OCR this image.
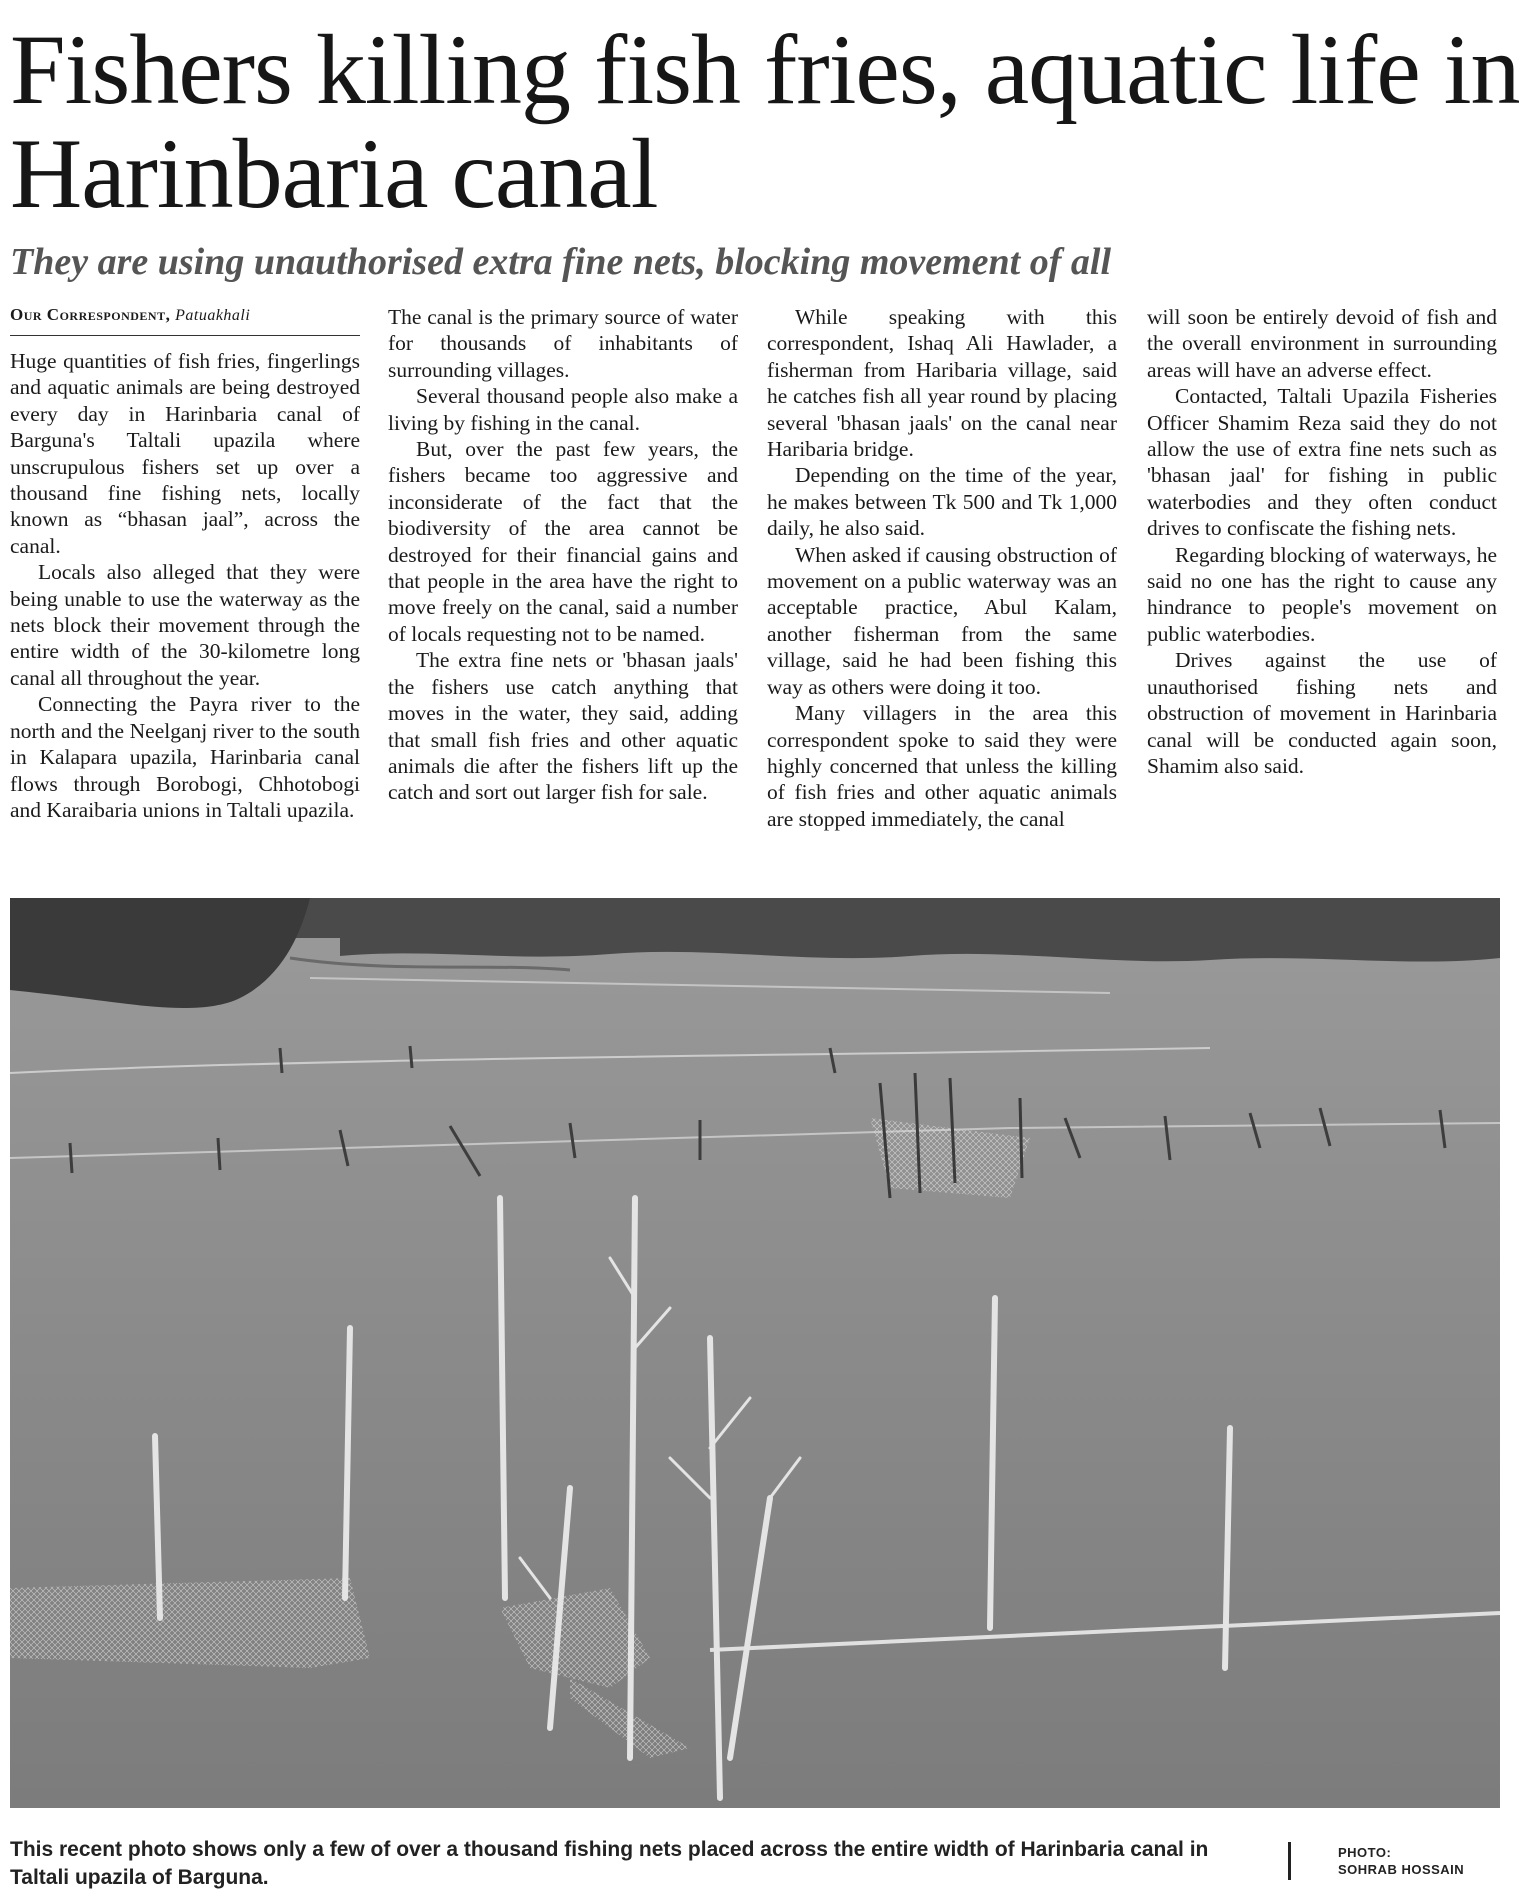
Fishers killing fish fries, aquatic life in Harinbaria canal
They are using unauthorised extra fine nets, blocking movement of all
Our Correspondent, Patuakhali

Huge quantities of fish fries, fingerlings and aquatic animals are being destroyed every day in Harinbaria canal of Barguna's Taltali upazila where unscrupulous fishers set up over a thousand fine fishing nets, locally known as “bhasan jaal”, across the canal.

Locals also alleged that they were being unable to use the waterway as the nets block their movement through the entire width of the 30-kilometre long canal all throughout the year.

Connecting the Payra river to the north and the Neelganj river to the south in Kalapara upazila, Harinbaria canal flows through Borobogi, Chhotobogi and Karaibaria unions in Taltali upazila.

The canal is the primary source of water for thousands of inhabitants of surrounding villages.

Several thousand people also make a living by fishing in the canal.

But, over the past few years, the fishers became too aggressive and inconsiderate of the fact that the biodiversity of the area cannot be destroyed for their financial gains and that people in the area have the right to move freely on the canal, said a number of locals requesting not to be named.

The extra fine nets or 'bhasan jaals' the fishers use catch anything that moves in the water, they said, adding that small fish fries and other aquatic animals die after the fishers lift up the catch and sort out larger fish for sale.

While speaking with this correspondent, Ishaq Ali Hawlader, a fisherman from Haribaria village, said he catches fish all year round by placing several 'bhasan jaals' on the canal near Haribaria bridge.

Depending on the time of the year, he makes between Tk 500 and Tk 1,000 daily, he also said.

When asked if causing obstruction of movement on a public waterway was an acceptable practice, Abul Kalam, another fisherman from the same village, said he had been fishing this way as others were doing it too.

Many villagers in the area this correspondent spoke to said they were highly concerned that unless the killing of fish fries and other aquatic animals are stopped immediately, the canal

will soon be entirely devoid of fish and the overall environment in surrounding areas will have an adverse effect.

Contacted, Taltali Upazila Fisheries Officer Shamim Reza said they do not allow the use of extra fine nets such as 'bhasan jaal' for fishing in public waterbodies and they often conduct drives to confiscate the fishing nets.

Regarding blocking of waterways, he said no one has the right to cause any hindrance to people's movement on public waterbodies.

Drives against the use of unauthorised fishing nets and obstruction of movement in Harinbaria canal will be conducted again soon, Shamim also said.

This recent photo shows only a few of over a thousand fishing nets placed across the entire width of Harinbaria canal in Taltali upazila of Barguna.
PHOTO:
SOHRAB HOSSAIN
